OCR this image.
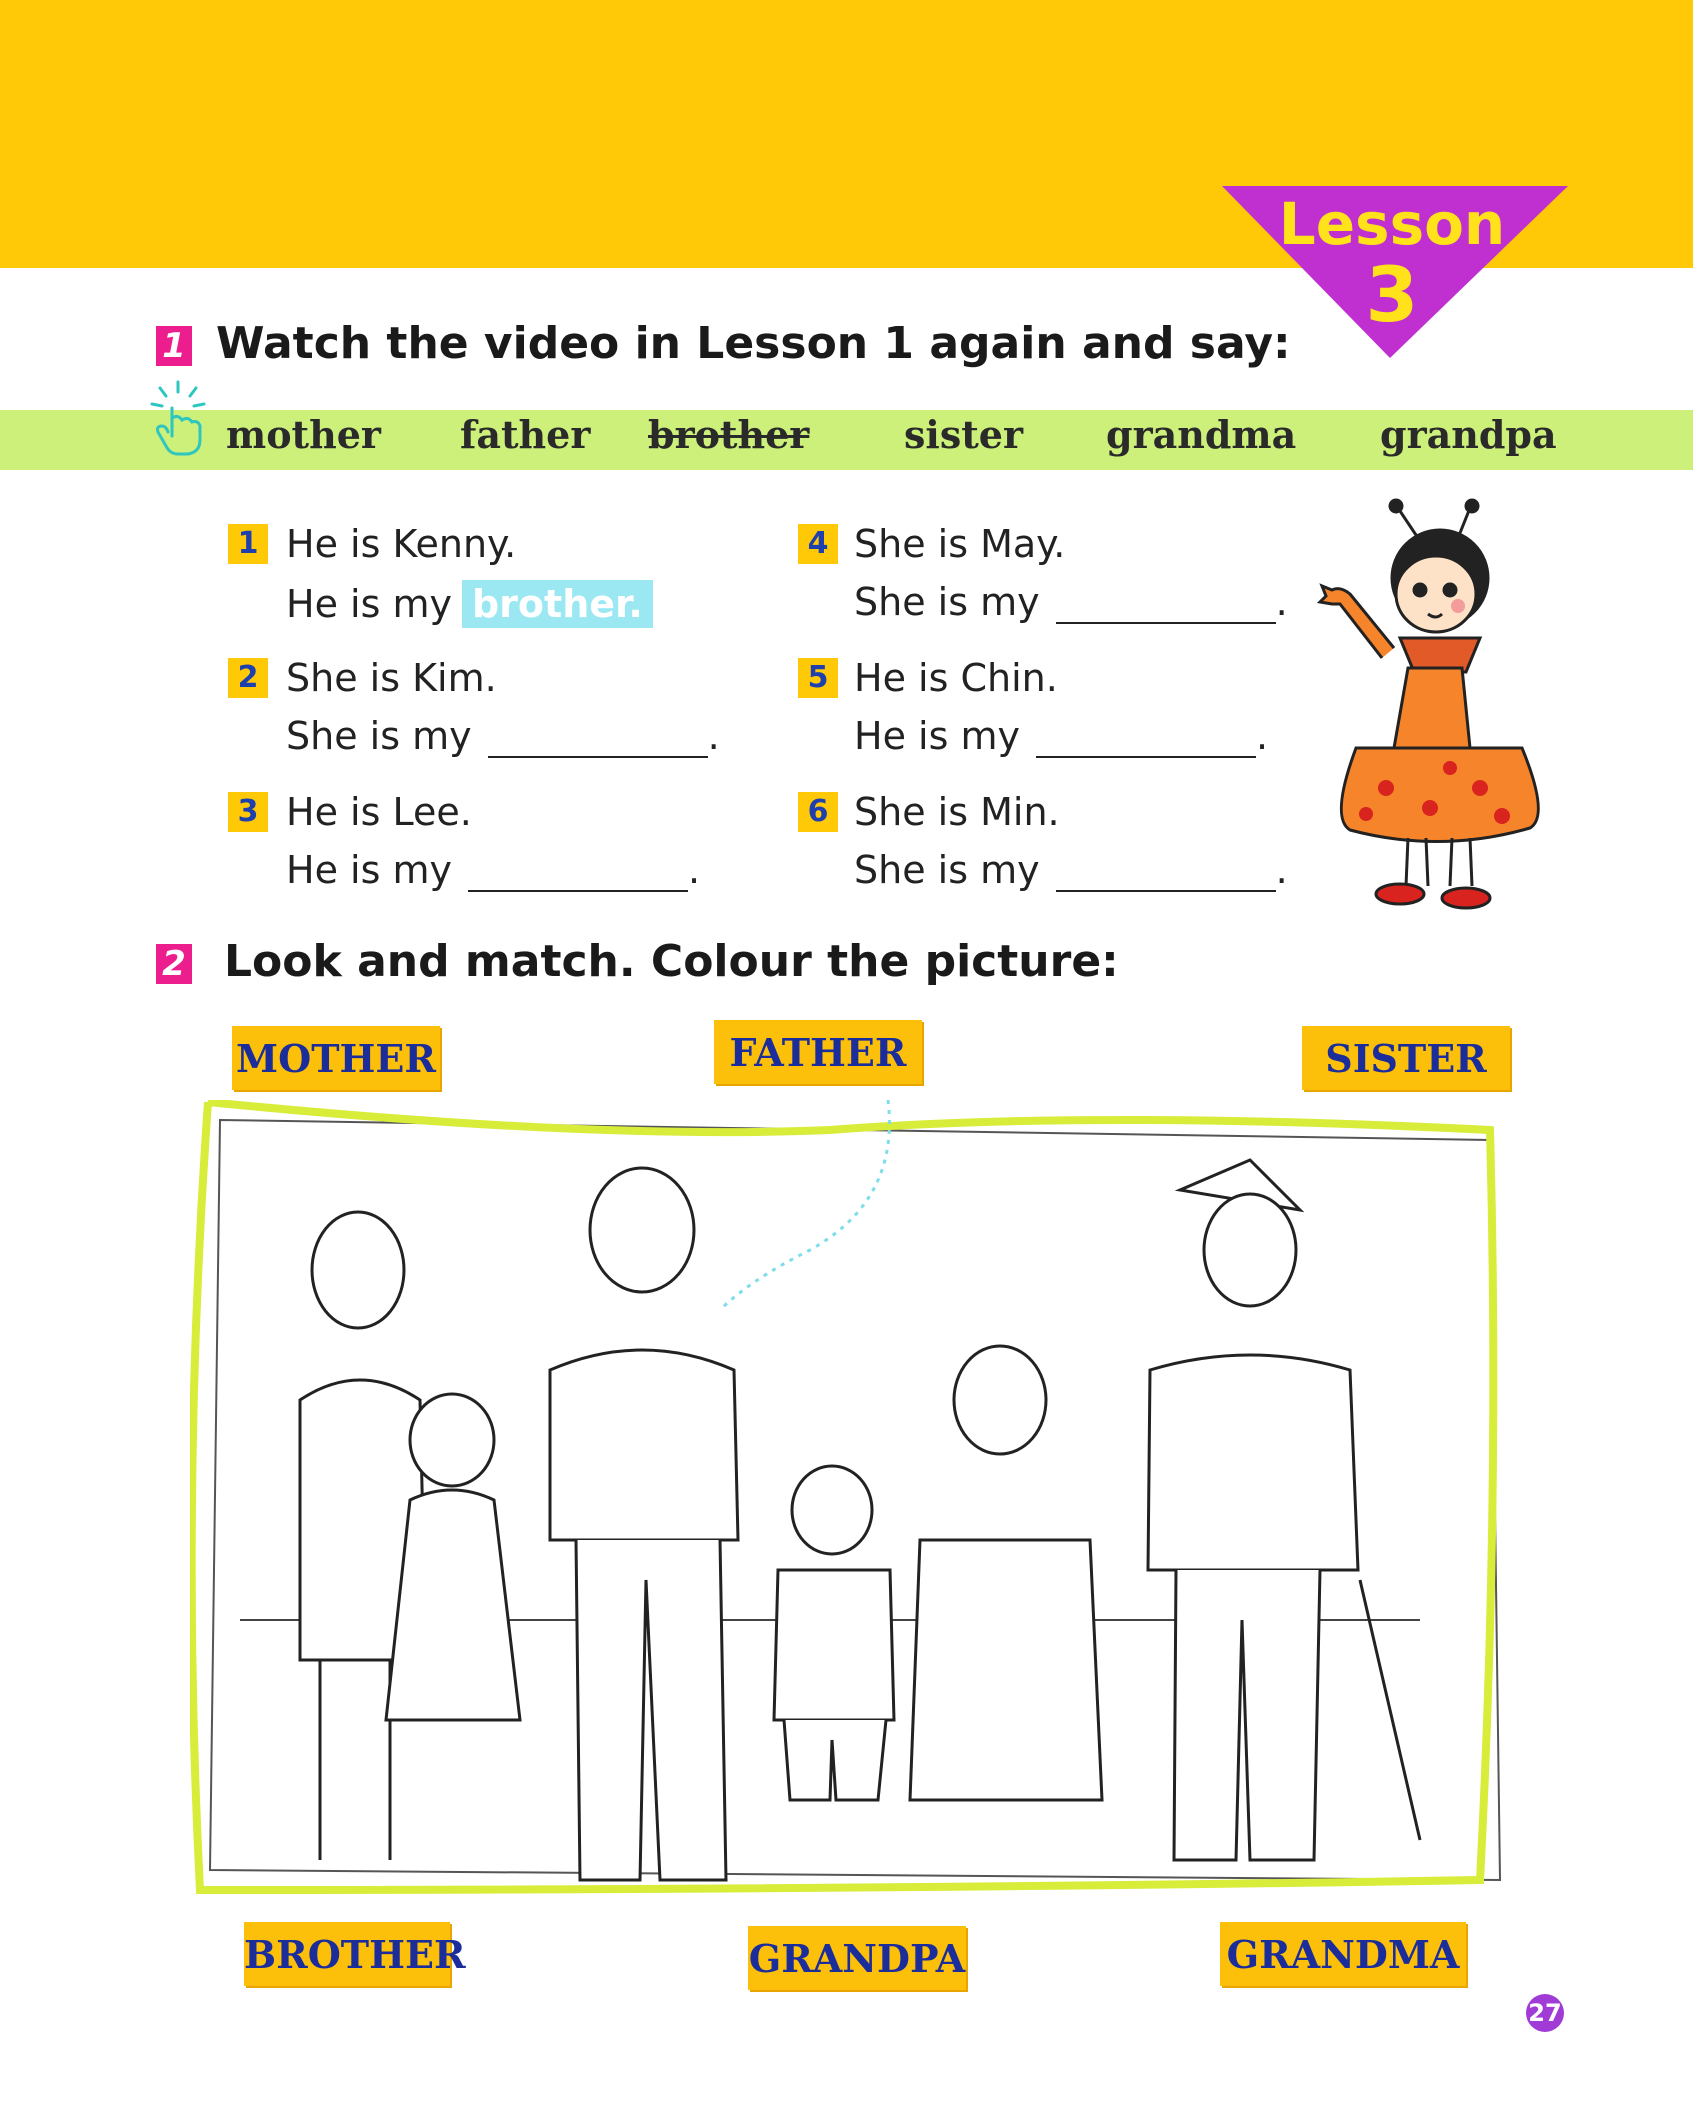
Lesson
3
1 Watch the video in Lesson 1 again and say:
mother father brother sister grandma grandpa
1 He is Kenny.
He is my brother.
2 She is Kim.
She is my	.
3 He is Lee.
He is my	.
4 She is May.
She is my	.
5 He is Chin.
He is my	.
6 She is Min.
She is my	.
2 Look and match. Colour the picture:
MOTHER	FATHER	SISTER
BROTHER	GRANDPA	GRANDMA
27
